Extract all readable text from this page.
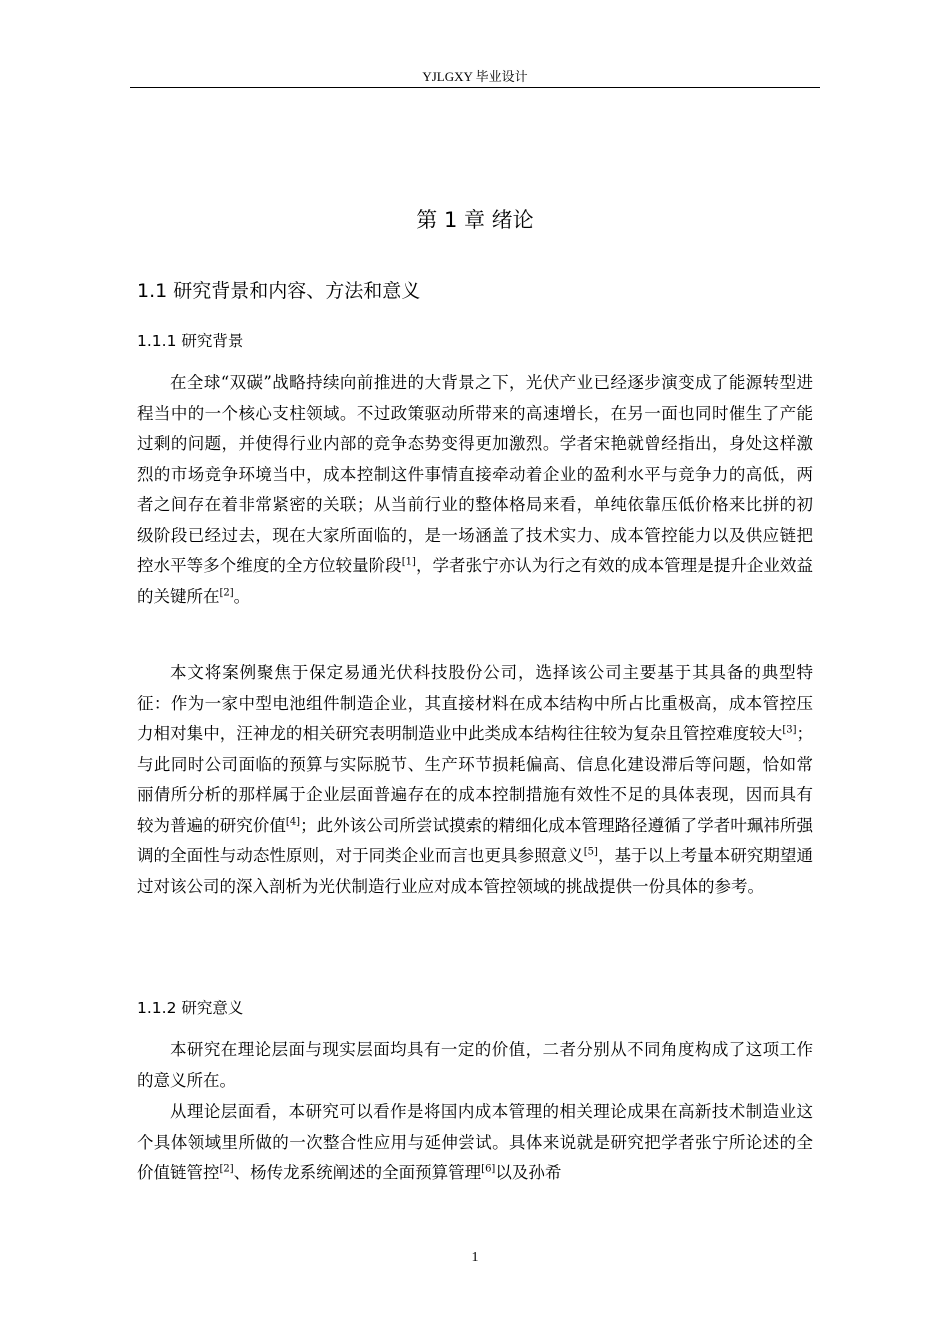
YJLGXY 毕业设计
第 1 章 绪论
1.1 研究背景和内容、方法和意义
1.1.1 研究背景

在全球“双碳”战略持续向前推进的大背景之下，光伏产业已经逐步演变成了能源转型进程当中的一个核心支柱领域。不过政策驱动所带来的高速增长，在另一面也同时催生了产能过剩的问题，并使得行业内部的竞争态势变得更加激烈。学者宋艳就曾经指出，身处这样激烈的市场竞争环境当中，成本控制这件事情直接牵动着企业的盈利水平与竞争力的高低，两者之间存在着非常紧密的关联；从当前行业的整体格局来看，单纯依靠压低价格来比拼的初级阶段已经过去，现在大家所面临的，是一场涵盖了技术实力、成本管控能力以及供应链把控水平等多个维度的全方位较量阶段[1]，学者张宁亦认为行之有效的成本管理是提升企业效益的关键所在[2]。

本文将案例聚焦于保定易通光伏科技股份公司，选择该公司主要基于其具备的典型特征：作为一家中型电池组件制造企业，其直接材料在成本结构中所占比重极高，成本管控压力相对集中，汪神龙的相关研究表明制造业中此类成本结构往往较为复杂且管控难度较大[3]；与此同时公司面临的预算与实际脱节、生产环节损耗偏高、信息化建设滞后等问题，恰如常丽倩所分析的那样属于企业层面普遍存在的成本控制措施有效性不足的具体表现，因而具有较为普遍的研究价值[4]；此外该公司所尝试摸索的精细化成本管理路径遵循了学者叶珮祎所强调的全面性与动态性原则，对于同类企业而言也更具参照意义[5]，基于以上考量本研究期望通过对该公司的深入剖析为光伏制造行业应对成本管控领域的挑战提供一份具体的参考。

1.1.2 研究意义

本研究在理论层面与现实层面均具有一定的价值，二者分别从不同角度构成了这项工作的意义所在。

从理论层面看，本研究可以看作是将国内成本管理的相关理论成果在高新技术制造业这个具体领域里所做的一次整合性应用与延伸尝试。具体来说就是研究把学者张宁所论述的全价值链管控[2]、杨传龙系统阐述的全面预算管理[6]以及孙希

1
